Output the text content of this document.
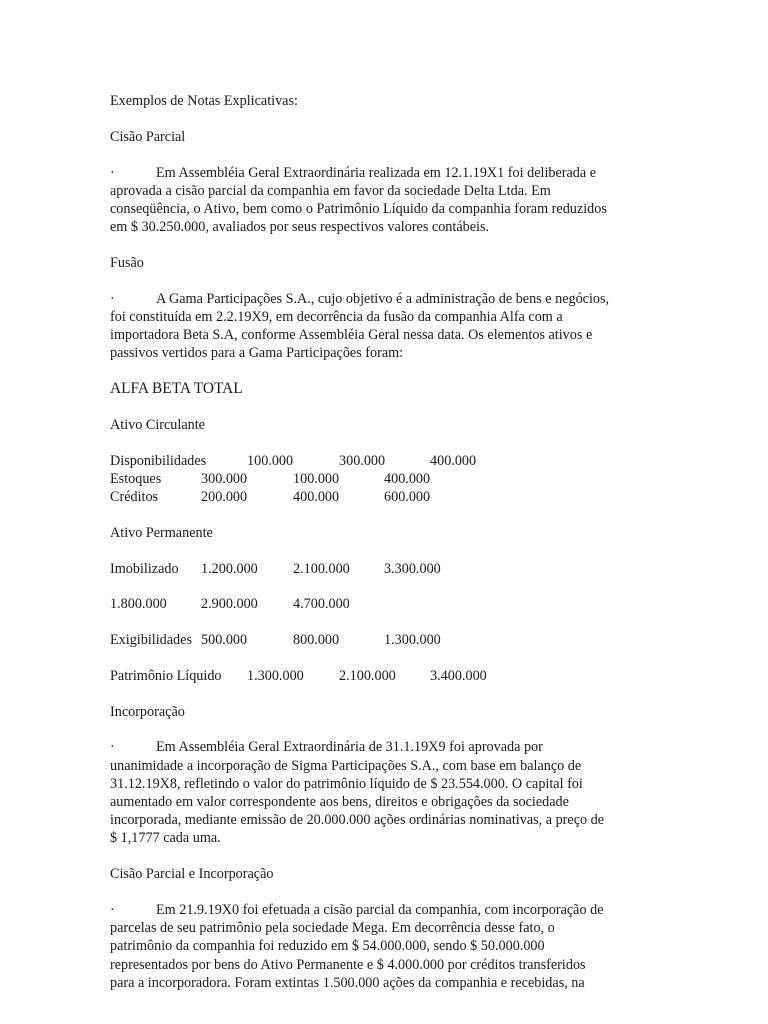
Exemplos de Notas Explicativas:
Cisão Parcial
·	Em Assembléia Geral Extraordinária realizada em 12.1.19X1 foi deliberada e
aprovada a cisão parcial da companhia em favor da sociedade Delta Ltda. Em
conseqüência, o Ativo, bem como o Patrimônio Líquido da companhia foram reduzidos
em $ 30.250.000, avaliados por seus respectivos valores contábeis.
Fusão
·	A Gama Participações S.A., cujo objetivo é a administração de bens e negócios,
foi constituída em 2.2.19X9, em decorrência da fusão da companhia Alfa com a
importadora Beta S.A, conforme Assembléia Geral nessa data. Os elementos ativos e
passivos vertidos para a Gama Participações foram:
ALFA BETA TOTAL
Ativo Circulante
Disponibilidades	100.000	300.000	400.000
Estoques	300.000	100.000	400.000
Créditos	200.000	400.000	600.000
Ativo Permanente
Imobilizado 1.200.000 2.100.000 3.300.000
1.800.000 2.900.000 4.700.000
Exigibilidades 500.000	800.000	1.300.000
Patrimônio Líquido 1.300.000 2.100.000 3.400.000
Incorporação
·	Em Assembléia Geral Extraordinária de 31.1.19X9 foi aprovada por
unanimidade a incorporação de Sigma Participações S.A., com base em balanço de
31.12.19X8, refletindo o valor do patrimônio líquido de $ 23.554.000. O capital foi
aumentado em valor correspondente aos bens, direitos e obrigações da sociedade
incorporada, mediante emissão de 20.000.000 ações ordinárias nominativas, a preço de
$ 1,1777 cada uma.
Cisão Parcial e Incorporação
·	Em 21.9.19X0 foi efetuada a cisão parcial da companhia, com incorporação de
parcelas de seu patrimônio pela sociedade Mega. Em decorrência desse fato, o
patrimônio da companhia foi reduzido em $ 54.000.000, sendo $ 50.000.000
representados por bens do Ativo Permanente e $ 4.000.000 por créditos transferidos
para a incorporadora. Foram extintas 1.500.000 ações da companhia e recebidas, na
